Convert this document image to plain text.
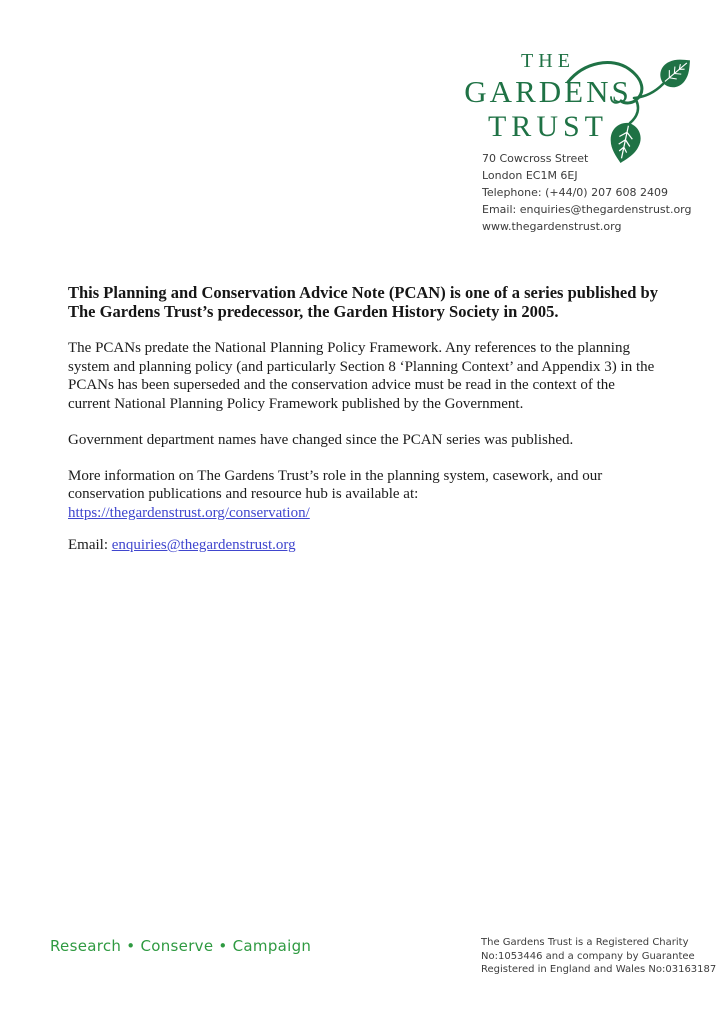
THE
GARDENS
TRUST
70 Cowcross Street
London EC1M 6EJ
Telephone: (+44/0) 207 608 2409
Email: enquiries@thegardenstrust.org
www.thegardenstrust.org
This Planning and Conservation Advice Note (PCAN) is one of a series published by The Gardens Trust’s predecessor, the Garden History Society in 2005.

The PCANs predate the National Planning Policy Framework. Any references to the planning system and planning policy (and particularly Section 8 ‘Planning Context’ and Appendix 3) in the PCANs has been superseded and the conservation advice must be read in the context of the current National Planning Policy Framework published by the Government.

Government department names have changed since the PCAN series was published.

More information on The Gardens Trust’s role in the planning system, casework, and our conservation publications and resource hub is available at:
https://thegardenstrust.org/conservation/

Email: enquiries@thegardenstrust.org

Research • Conserve • Campaign	The Gardens Trust is a Registered Charity
No:1053446 and a company by Guarantee
Registered in England and Wales No:03163187
